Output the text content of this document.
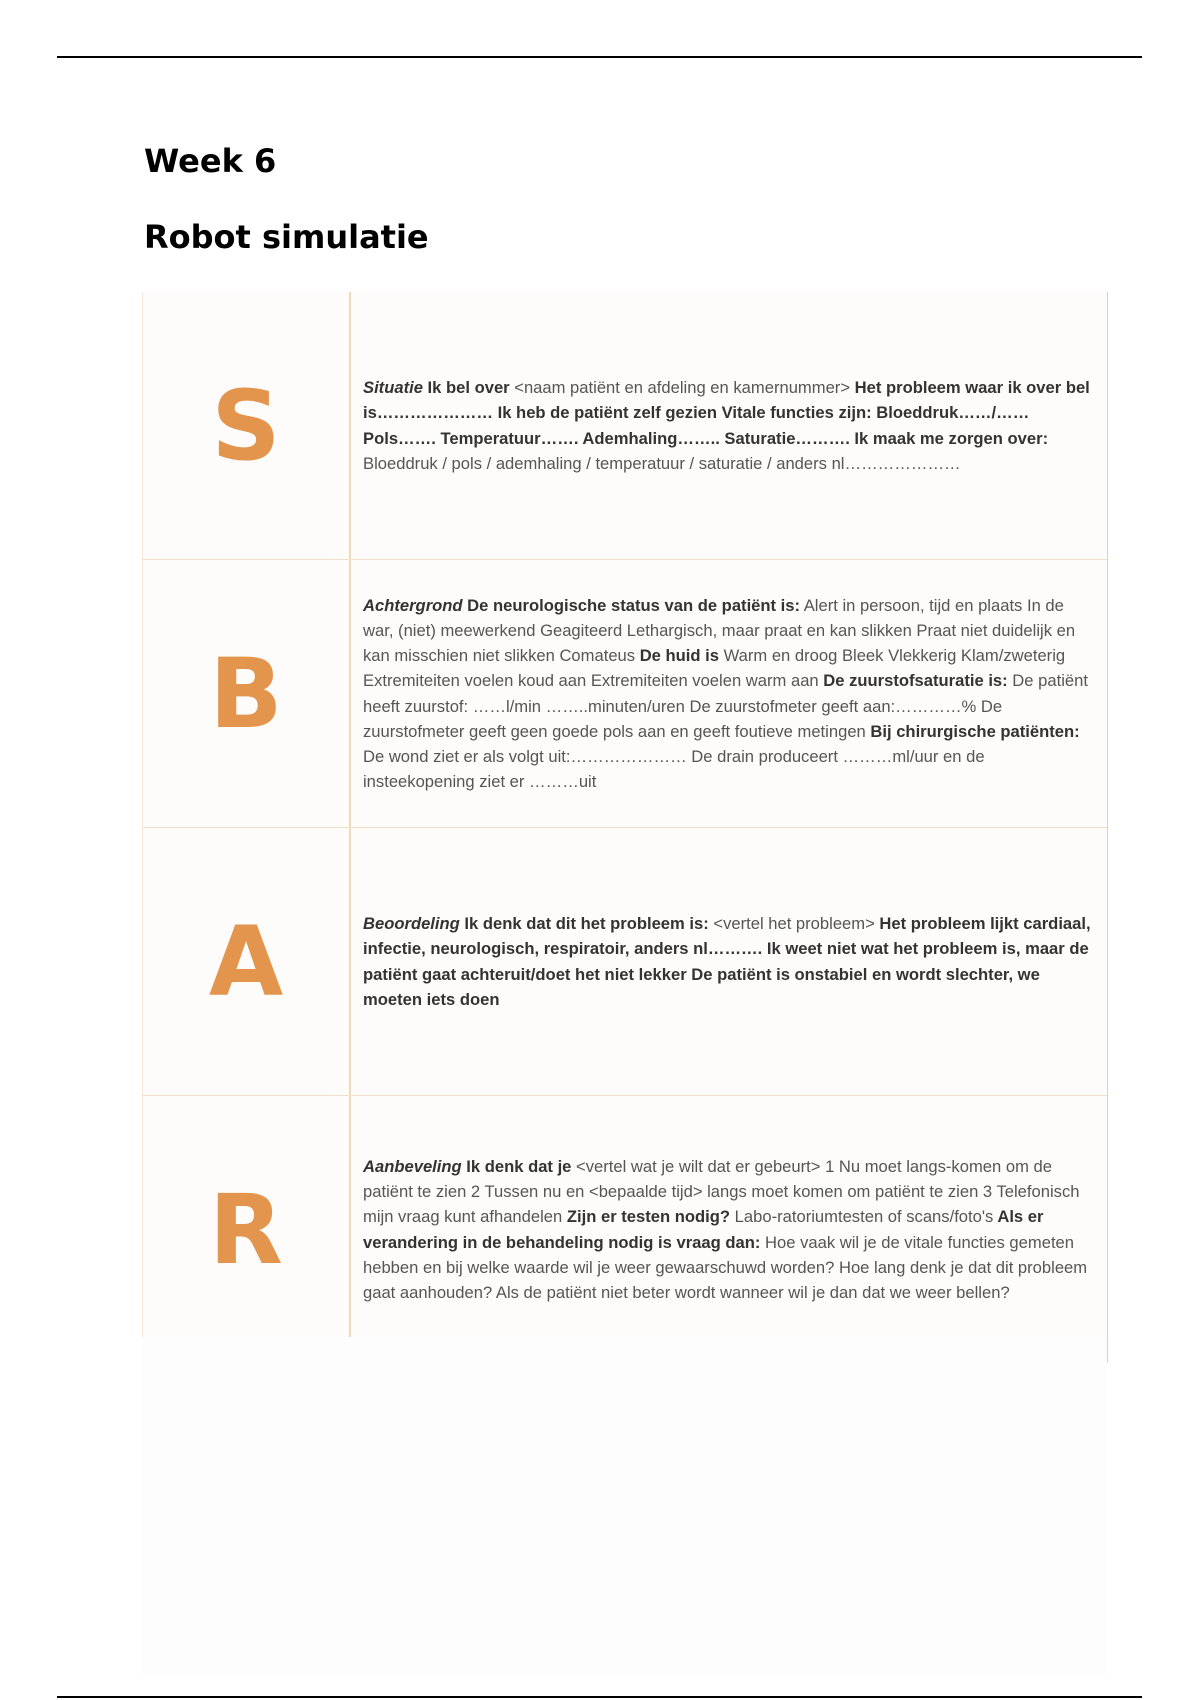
Week 6
Robot simulatie
S	Situatie Ik bel over <naam patiënt en afdeling en kamernummer> Het probleem waar ik over bel is………………… Ik heb de patiënt zelf gezien Vitale functies zijn: Bloeddruk……/…… Pols……. Temperatuur……. Ademhaling…….. Saturatie………. Ik maak me zorgen over: Bloeddruk / pols / ademhaling / temperatuur / saturatie / anders nl…………………
B
Achtergrond De neurologische status van de patiënt is: Alert in persoon, tijd en plaats In de war, (niet) meewerkend Geagiteerd Lethargisch, maar praat en kan slikken Praat niet duidelijk en kan misschien niet slikken Comateus De huid is Warm en droog Bleek Vlekkerig Klam/zweterig Extremiteiten voelen koud aan Extremiteiten voelen warm aan De zuurstofsaturatie is: De patiënt heeft zuurstof: ……l/min ……..minuten/uren De zuurstofmeter geeft aan:…………% De zuurstofmeter geeft geen goede pols aan en geeft foutieve metingen Bij chirurgische patiënten: De wond ziet er als volgt uit:………………… De drain produceert ………ml/uur en de insteekopening ziet er ………uit
A	Beoordeling Ik denk dat dit het probleem is: <vertel het probleem> Het probleem lijkt cardiaal, infectie, neurologisch, respiratoir, anders nl………. Ik weet niet wat het probleem is, maar de patiënt gaat achteruit/doet het niet lekker De patiënt is onstabiel en wordt slechter, we moeten iets doen
R
Aanbeveling Ik denk dat je <vertel wat je wilt dat er gebeurt> 1 Nu moet langs-komen om de patiënt te zien 2 Tussen nu en <bepaalde tijd> langs moet komen om patiënt te zien 3 Telefonisch mijn vraag kunt afhandelen Zijn er testen nodig? Labo-ratoriumtesten of scans/foto's Als er verandering in de behandeling nodig is vraag dan: Hoe vaak wil je de vitale functies gemeten hebben en bij welke waarde wil je weer gewaarschuwd worden? Hoe lang denk je dat dit probleem gaat aanhouden? Als de patiënt niet beter wordt wanneer wil je dan dat we weer bellen?
